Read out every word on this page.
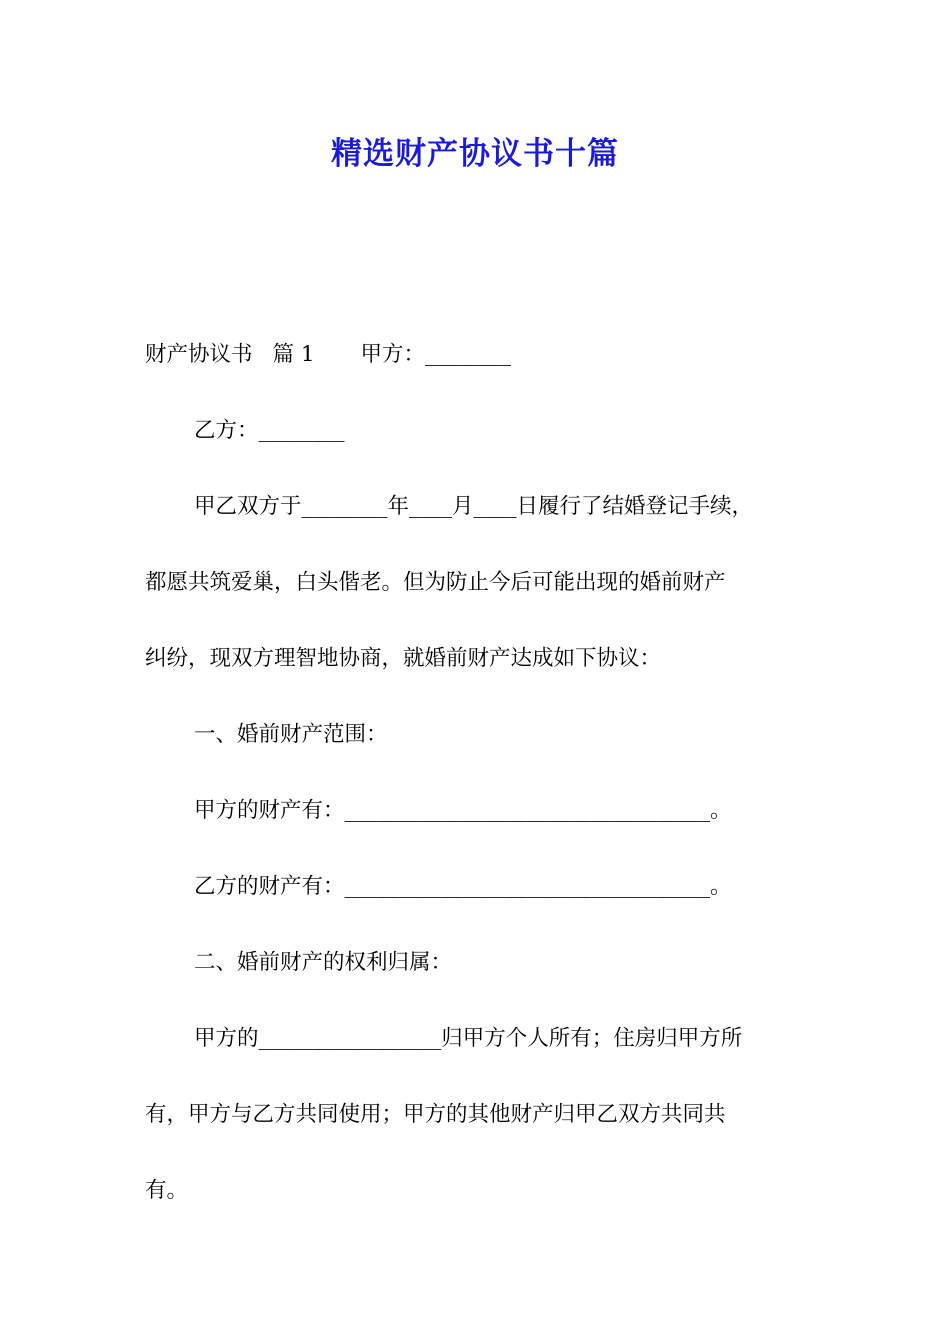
精选财产协议书十篇
财产协议书 篇 1 甲方：________
乙方：________
甲乙双方于________年____月____日履行了结婚登记手续，
都愿共筑爱巢，白头偕老。但为防止今后可能出现的婚前财产
纠纷，现双方理智地协商，就婚前财产达成如下协议：
一、婚前财产范围：
甲方的财产有：__________________________________。
乙方的财产有：__________________________________。
二、婚前财产的权利归属：
甲方的_________________归甲方个人所有；住房归甲方所
有，甲方与乙方共同使用；甲方的其他财产归甲乙双方共同共
有。
